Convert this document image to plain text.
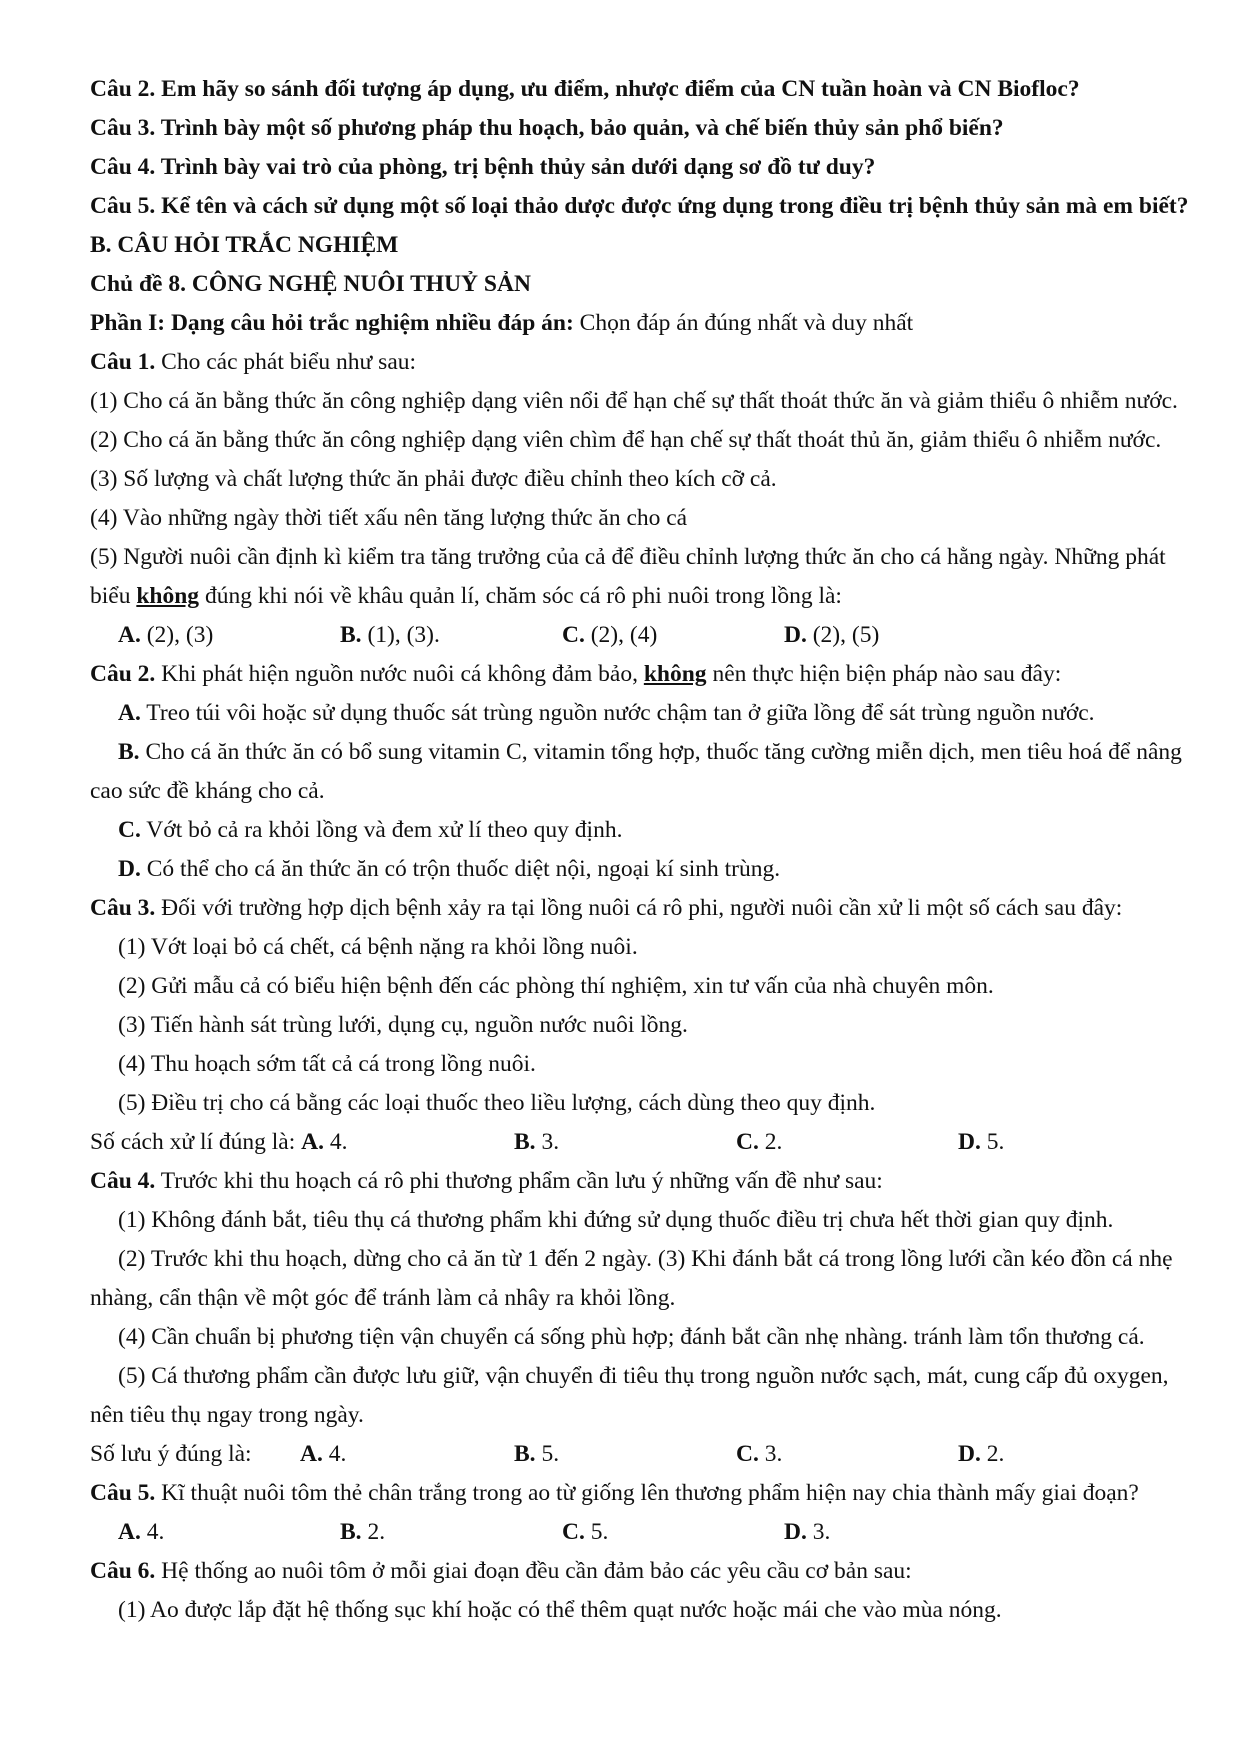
Câu 2. Em hãy so sánh đối tượng áp dụng, ưu điểm, nhược điểm của CN tuần hoàn và CN Biofloc?
Câu 3. Trình bày một số phương pháp thu hoạch, bảo quản, và chế biến thủy sản phổ biến?
Câu 4. Trình bày vai trò của phòng, trị bệnh thủy sản dưới dạng sơ đồ tư duy?
Câu 5. Kể tên và cách sử dụng một số loại thảo dược được ứng dụng trong điều trị bệnh thủy sản mà em biết?
B. CÂU HỎI TRẮC NGHIỆM
Chủ đề 8. CÔNG NGHỆ NUÔI THUỶ SẢN
Phần I: Dạng câu hỏi trắc nghiệm nhiều đáp án: Chọn đáp án đúng nhất và duy nhất
Câu 1. Cho các phát biểu như sau:
(1) Cho cá ăn bằng thức ăn công nghiệp dạng viên nổi để hạn chế sự thất thoát thức ăn và giảm thiểu ô nhiễm nước.
(2) Cho cá ăn bằng thức ăn công nghiệp dạng viên chìm để hạn chế sự thất thoát thủ ăn, giảm thiểu ô nhiễm nước.
(3) Số lượng và chất lượng thức ăn phải được điều chỉnh theo kích cỡ cả.
(4) Vào những ngày thời tiết xấu nên tăng lượng thức ăn cho cá
(5) Người nuôi cần định kì kiểm tra tăng trưởng của cả để điều chỉnh lượng thức ăn cho cá hằng ngày. Những phát
biểu không đúng khi nói về khâu quản lí, chăm sóc cá rô phi nuôi trong lồng là:
A. (2), (3)	B. (1), (3).	C. (2), (4)	D. (2), (5)
Câu 2. Khi phát hiện nguồn nước nuôi cá không đảm bảo, không nên thực hiện biện pháp nào sau đây:
A. Treo túi vôi hoặc sử dụng thuốc sát trùng nguồn nước chậm tan ở giữa lồng để sát trùng nguồn nước.
B. Cho cá ăn thức ăn có bổ sung vitamin C, vitamin tổng hợp, thuốc tăng cường miễn dịch, men tiêu hoá để nâng
cao sức đề kháng cho cả.
C. Vớt bỏ cả ra khỏi lồng và đem xử lí theo quy định.
D. Có thể cho cá ăn thức ăn có trộn thuốc diệt nội, ngoại kí sinh trùng.
Câu 3. Đối với trường hợp dịch bệnh xảy ra tại lồng nuôi cá rô phi, người nuôi cần xử li một số cách sau đây:
(1) Vớt loại bỏ cá chết, cá bệnh nặng ra khỏi lồng nuôi.
(2) Gửi mẫu cả có biểu hiện bệnh đến các phòng thí nghiệm, xin tư vấn của nhà chuyên môn.
(3) Tiến hành sát trùng lưới, dụng cụ, nguồn nước nuôi lồng.
(4) Thu hoạch sớm tất cả cá trong lồng nuôi.
(5) Điều trị cho cá bằng các loại thuốc theo liều lượng, cách dùng theo quy định.
Số cách xử lí đúng là: A. 4.	B. 3.	C. 2.	D. 5.
Câu 4. Trước khi thu hoạch cá rô phi thương phẩm cần lưu ý những vấn đề như sau:
(1) Không đánh bắt, tiêu thụ cá thương phẩm khi đứng sử dụng thuốc điều trị chưa hết thời gian quy định.
(2) Trước khi thu hoạch, dừng cho cả ăn từ 1 đến 2 ngày. (3) Khi đánh bắt cá trong lồng lưới cần kéo đồn cá nhẹ
nhàng, cẩn thận về một góc để tránh làm cả nhây ra khỏi lồng.
(4) Cần chuẩn bị phương tiện vận chuyển cá sống phù hợp; đánh bắt cần nhẹ nhàng. tránh làm tổn thương cá.
(5) Cá thương phẩm cần được lưu giữ, vận chuyển đi tiêu thụ trong nguồn nước sạch, mát, cung cấp đủ oxygen,
nên tiêu thụ ngay trong ngày.
Số lưu ý đúng là:	A. 4.	B. 5.	C. 3.	D. 2.
Câu 5. Kĩ thuật nuôi tôm thẻ chân trắng trong ao từ giống lên thương phẩm hiện nay chia thành mấy giai đoạn?
A. 4.	B. 2.	C. 5.	D. 3.
Câu 6. Hệ thống ao nuôi tôm ở mỗi giai đoạn đều cần đảm bảo các yêu cầu cơ bản sau:
(1) Ao được lắp đặt hệ thống sục khí hoặc có thể thêm quạt nước hoặc mái che vào mùa nóng.
